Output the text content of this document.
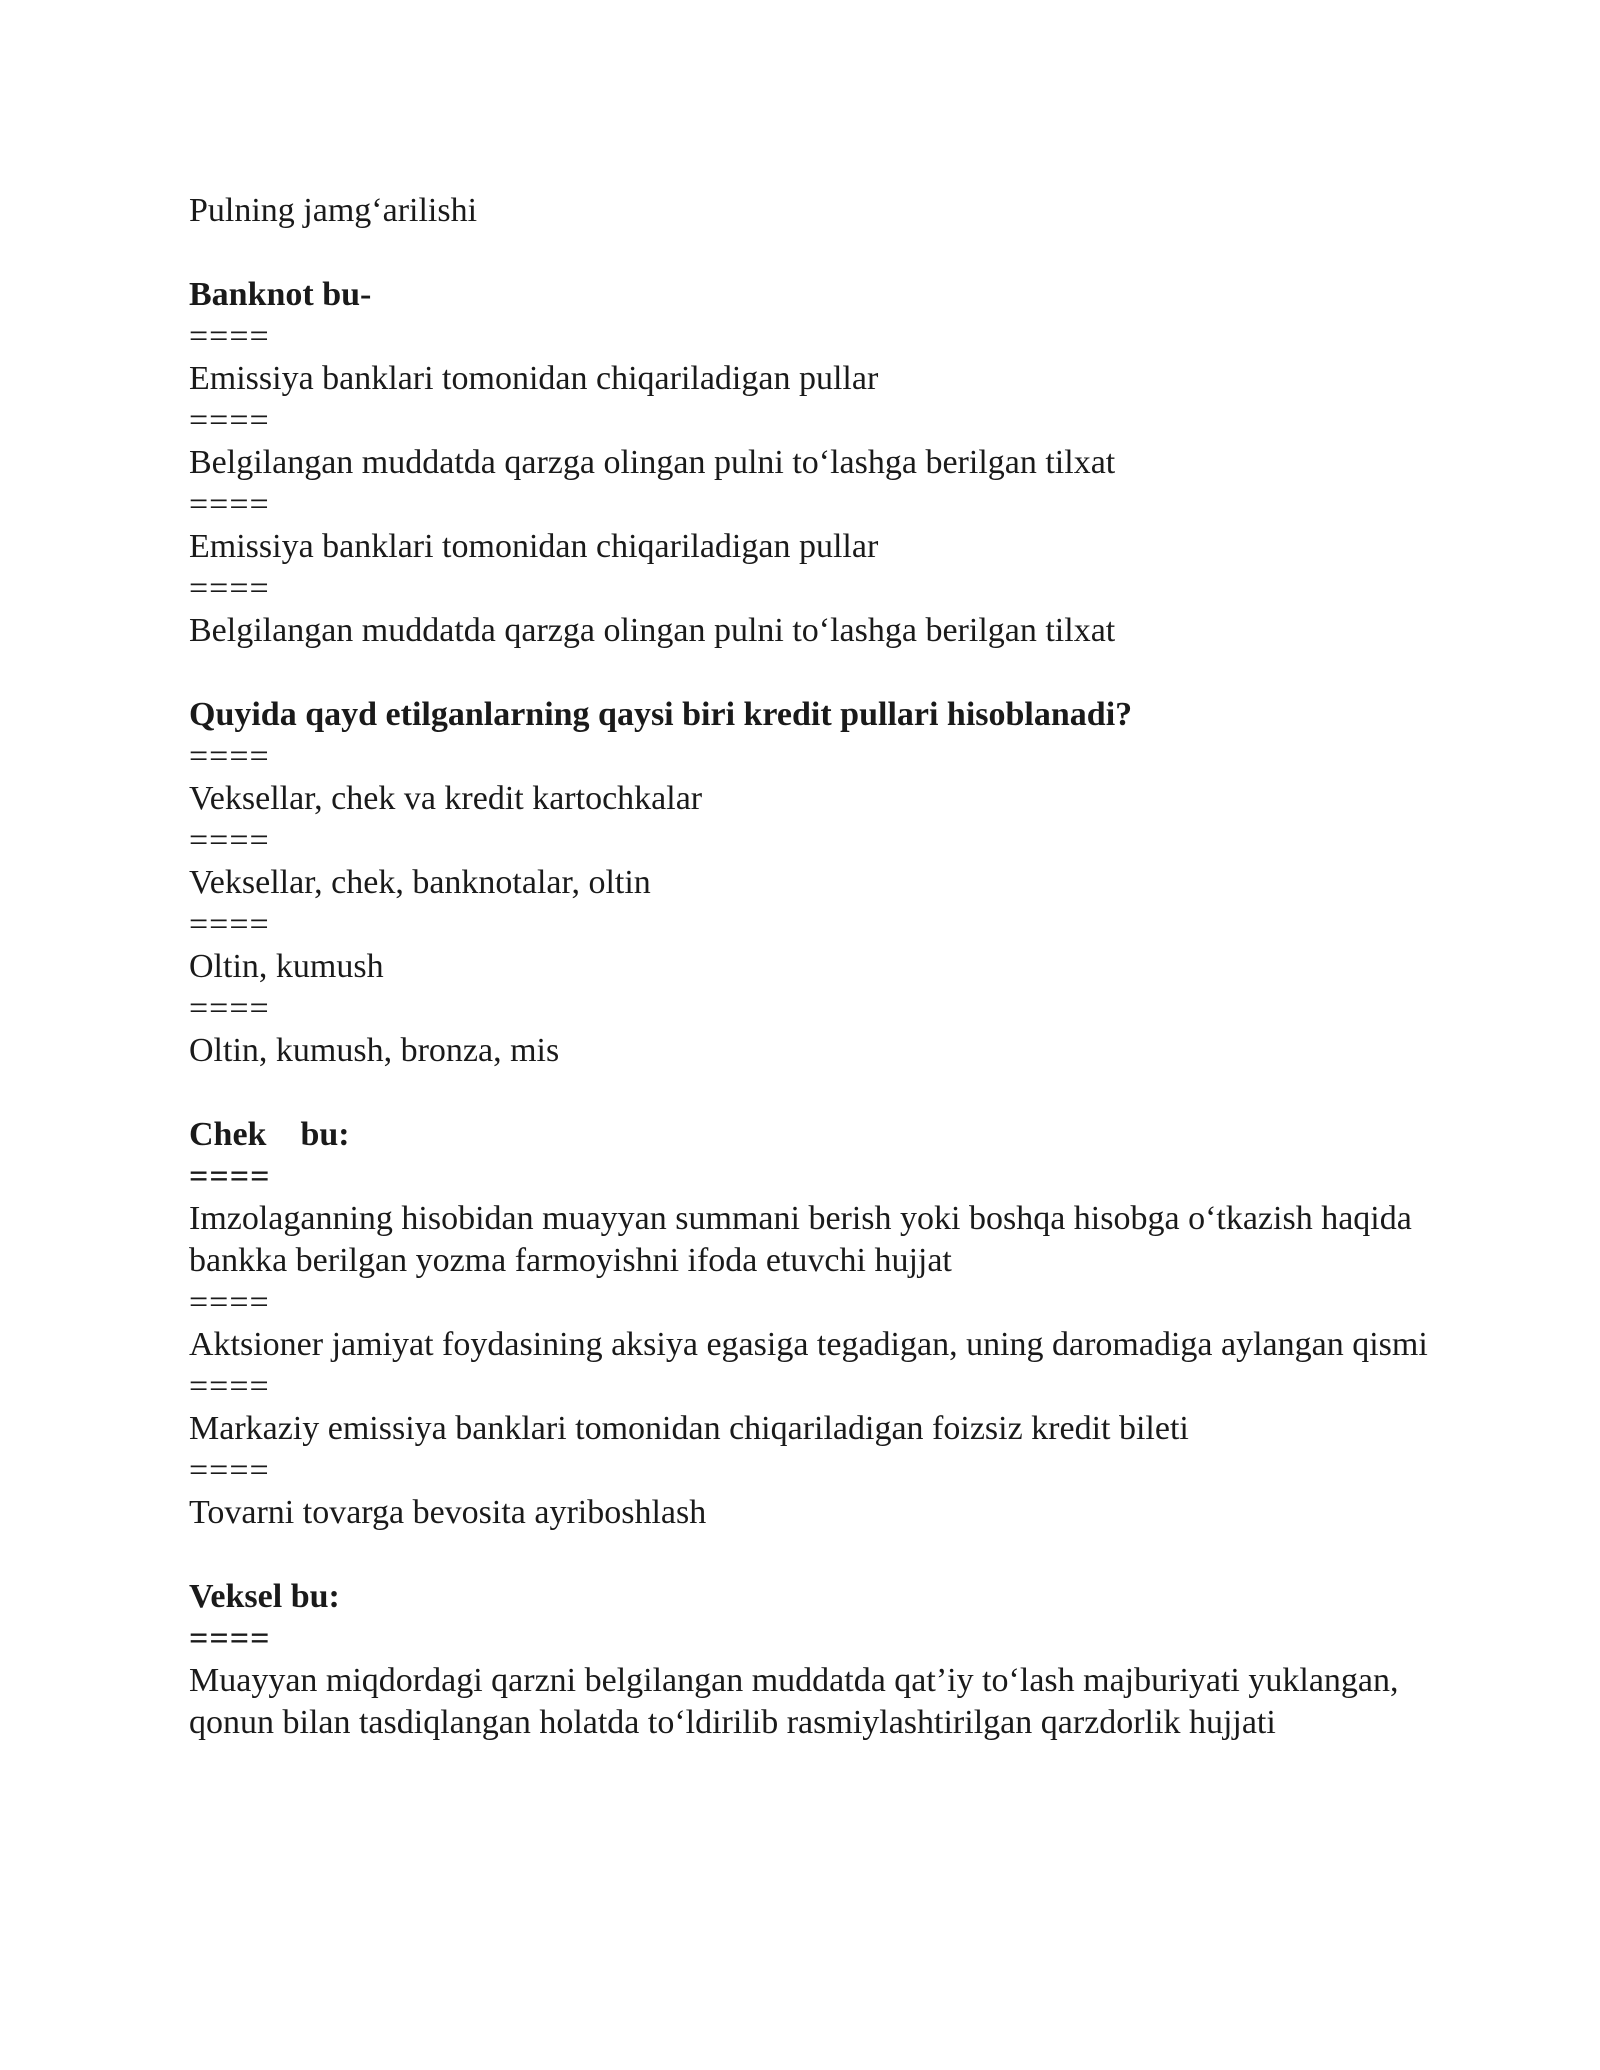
Pulning jamg‘arilishi

Banknot bu-

====

Emissiya banklari tomonidan chiqariladigan pullar

====

Belgilangan muddatda qarzga olingan pulni to‘lashga berilgan tilxat

====

Emissiya banklari tomonidan chiqariladigan pullar

====

Belgilangan muddatda qarzga olingan pulni to‘lashga berilgan tilxat

Quyida qayd etilganlarning qaysi biri kredit pullari hisoblanadi?

====

Veksellar, chek va kredit kartochkalar

====

Veksellar, chek, banknotalar, oltin

====

Oltin, kumush

====

Oltin, kumush, bronza, mis

Chek    bu:

====

Imzolaganning hisobidan muayyan summani berish yoki boshqa hisobga o‘tkazish haqida bankka berilgan yozma farmoyishni ifoda etuvchi hujjat

====

Aktsioner jamiyat foydasining aksiya egasiga tegadigan, uning daromadiga aylangan qismi

====

Markaziy emissiya banklari tomonidan chiqariladigan foizsiz kredit bileti

====

Tovarni tovarga bevosita ayriboshlash

Veksel bu:

====

Muayyan miqdordagi qarzni belgilangan muddatda qat’iy to‘lash majburiyati yuklangan, qonun bilan tasdiqlangan holatda to‘ldirilib rasmiylashtirilgan qarzdorlik hujjati
